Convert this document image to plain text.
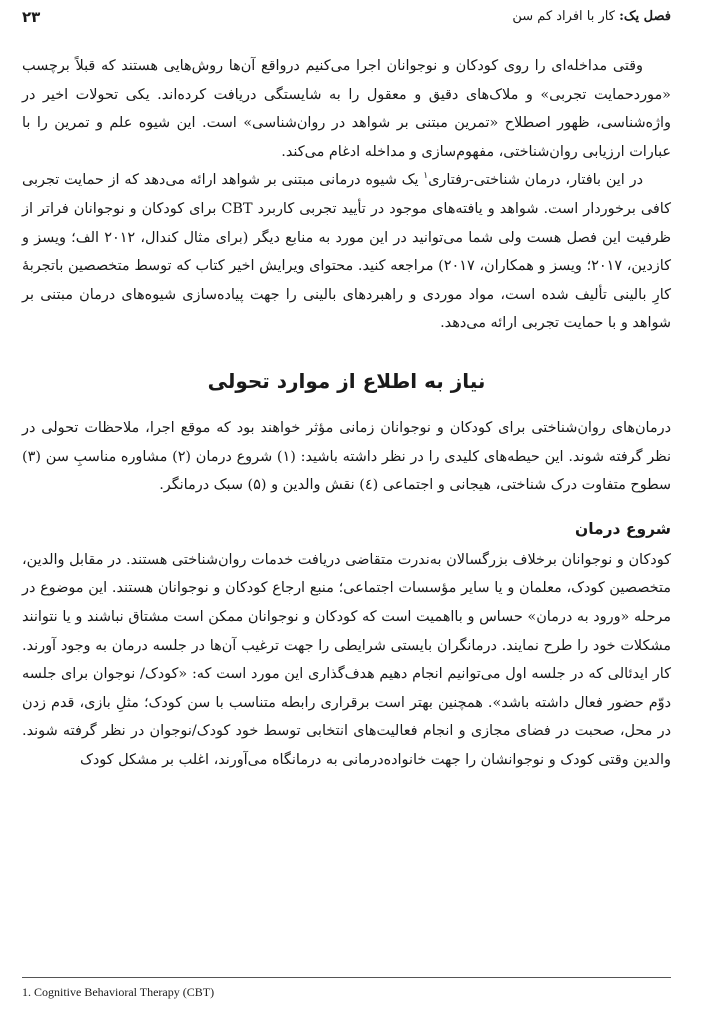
فصل یک: کار با افراد کم سن
۲۳

وقتی مداخله‌ای را روی کودکان و نوجوانان اجرا می‌کنیم درواقع آن‌ها روش‌هایی هستند که قبلاً برچسب «موردحمایت تجربی» و ملاک‌های دقیق و معقول را به شایستگی دریافت کرده‌اند. یکی تحولات اخیر در واژه‌شناسی، ظهور اصطلاح «تمرین مبتنی بر شواهد در روان‌شناسی» است. این شیوه علم و تمرین را با عبارات ارزیابی روان‌شناختی، مفهوم‌سازی و مداخله ادغام می‌کند.

در این بافتار، درمان شناختی-رفتاری$^۱$ یک شیوه درمانی مبتنی بر شواهد ارائه می‌دهد که از حمایت تجربی کافی برخوردار است. شواهد و یافته‌های موجود در تأیید تجربی کاربرد CBT برای کودکان و نوجوانان فراتر از ظرفیت این فصل هست ولی شما می‌توانید در این مورد به منابع دیگر (برای مثال کندال، ۲۰۱۲ الف؛ ویسز و کازدین، ۲۰۱۷؛ ویسز و همکاران، ۲۰۱۷) مراجعه کنید. محتوای ویرایش اخیر کتاب که توسط متخصصین باتجربهٔ کارِ بالینی تألیف شده است، مواد موردی و راهبردهای بالینی را جهت پیاده‌سازی شیوه‌های درمان مبتنی بر شواهد و با حمایت تجربی ارائه می‌دهد.

نیاز به اطلاع از موارد تحولی

درمان‌های روان‌شناختی برای کودکان و نوجوانان زمانی مؤثر خواهند بود که موقع اجرا، ملاحظات تحولی در نظر گرفته شوند. این حیطه‌های کلیدی را در نظر داشته باشید: (۱) شروع درمان (۲) مشاوره مناسبِ سن (۳) سطوح متفاوت درک شناختی، هیجانی و اجتماعی (٤) نقش والدین و (۵) سبک درمانگر.

شروع درمان

کودکان و نوجوانان برخلاف بزرگسالان به‌ندرت متقاضی دریافت خدمات روان‌شناختی هستند. در مقابل والدین، متخصصین کودک، معلمان و یا سایر مؤسسات اجتماعی؛ منبع ارجاع کودکان و نوجوانان هستند. این موضوع در مرحله «ورود به درمان» حساس و بااهمیت است که کودکان و نوجوانان ممکن است مشتاق نباشند و یا نتوانند مشکلات خود را طرح نمایند. درمانگران بایستی شرایطی را جهت ترغیب آن‌ها در جلسه درمان به وجود آورند. کار ایدئالی که در جلسه اول می‌توانیم انجام دهیم هدف‌گذاری این مورد است که: «کودک/ نوجوان برای جلسه دوّم حضور فعال داشته باشد». همچنین بهتر است برقراری رابطه متناسب با سن کودک؛ مثلِ بازی، قدم زدن در محل، صحبت در فضای مجازی و انجام فعالیت‌های انتخابی توسط خود کودک/نوجوان در نظر گرفته شوند. والدین وقتی کودک و نوجوانشان را جهت خانواده‌درمانی به درمانگاه می‌آورند، اغلب بر مشکل کودک

1. Cognitive Behavioral Therapy (CBT)
